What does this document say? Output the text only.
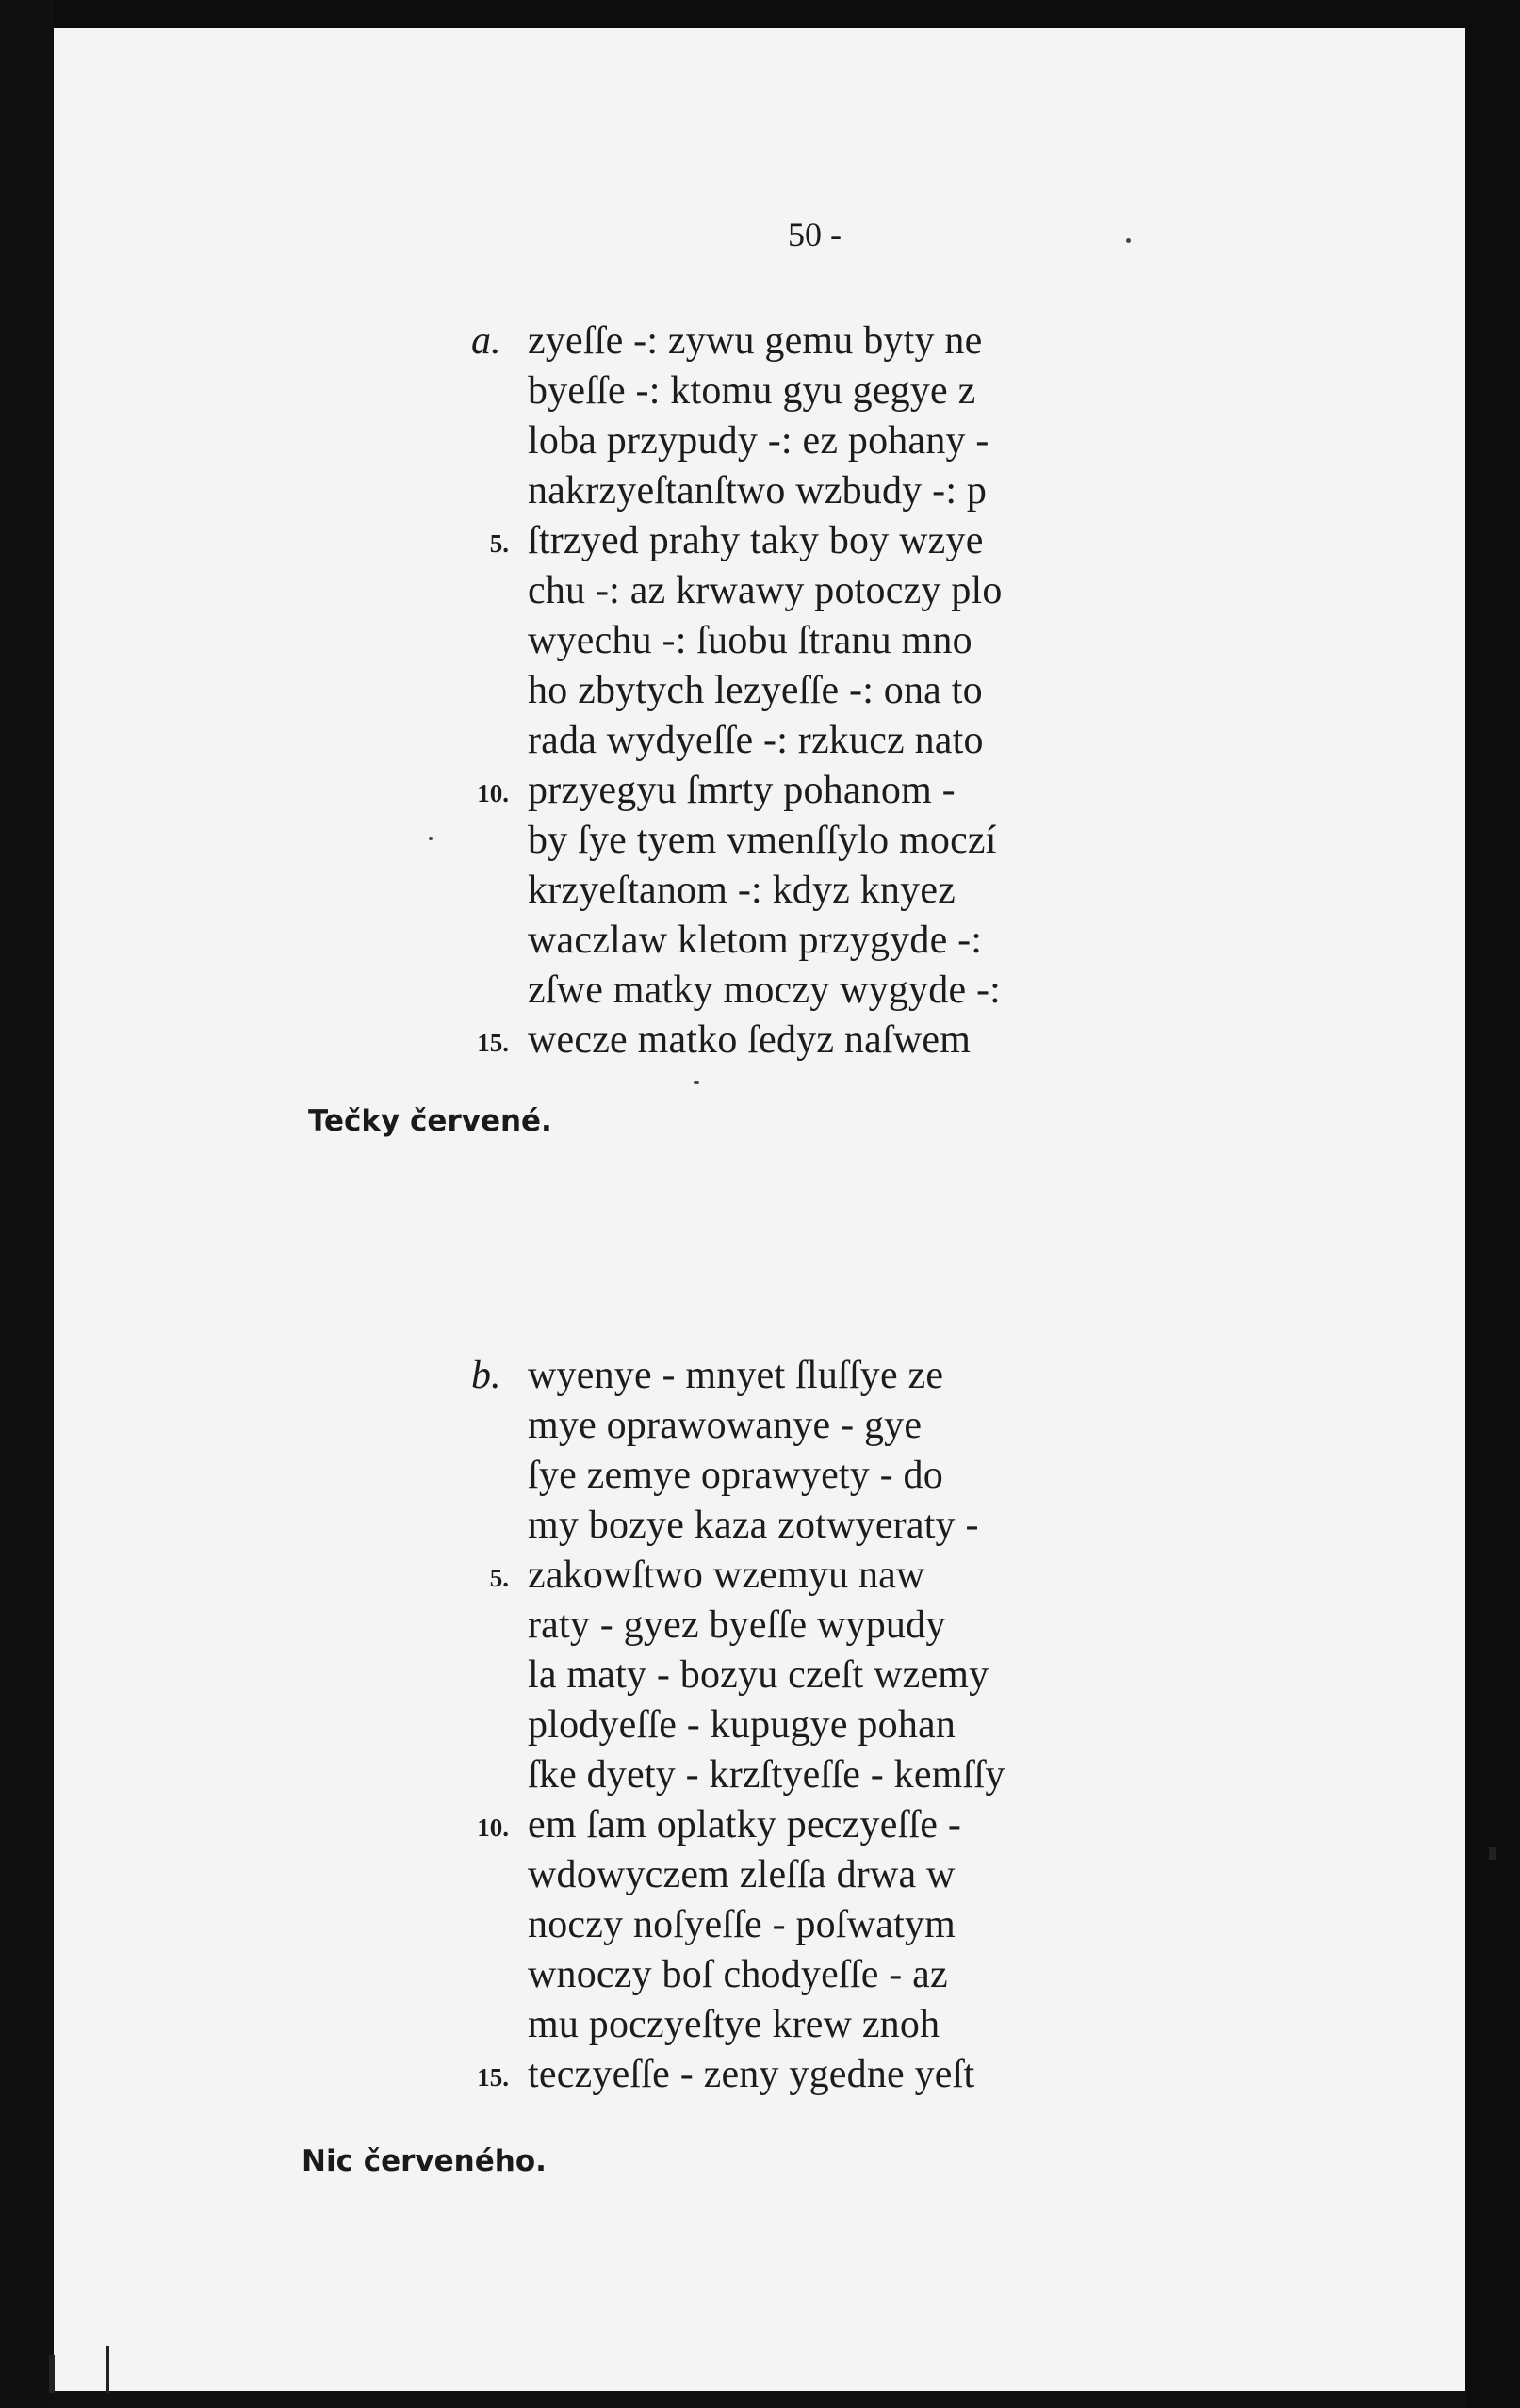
50 -
a. zyeſſe -: zywu gemu byty ne
byeſſe -: ktomu gyu gegye z
loba przypudy -: ez pohany -
nakrzyeſtanſtwo wzbudy -: p
5. ſtrzyed prahy taky boy wzye
chu -: az krwawy potoczy plo
wyechu -: ſuobu ſtranu mno
ho zbytych lezyeſſe -: ona to
rada wydyeſſe -: rzkucz nato
10. przyegyu ſmrty pohanom -
by ſye tyem vmenſſylo moczí
krzyeſtanom -: kdyz knyez
waczlaw kletom przygyde -:
zſwe matky moczy wygyde -:
15. wecze matko ſedyz naſwem
Tečky červené.
b. wyenye - mnyet ſluſſye ze
mye oprawowanye - gye
ſye zemye oprawyety - do
my bozye kaza zotwyeraty -
5. zakowſtwo wzemyu naw
raty - gyez byeſſe wypudy
la maty - bozyu czeſt wzemy
plodyeſſe - kupugye pohan
ſke dyety - krzſtyeſſe - kemſſy
10. em ſam oplatky peczyeſſe -
wdowyczem zleſſa drwa w
noczy noſyeſſe - poſwatym
wnoczy boſ chodyeſſe - az
mu poczyeſtye krew znoh
15. teczyeſſe - zeny ygedne yeſt
Nic červeného.
